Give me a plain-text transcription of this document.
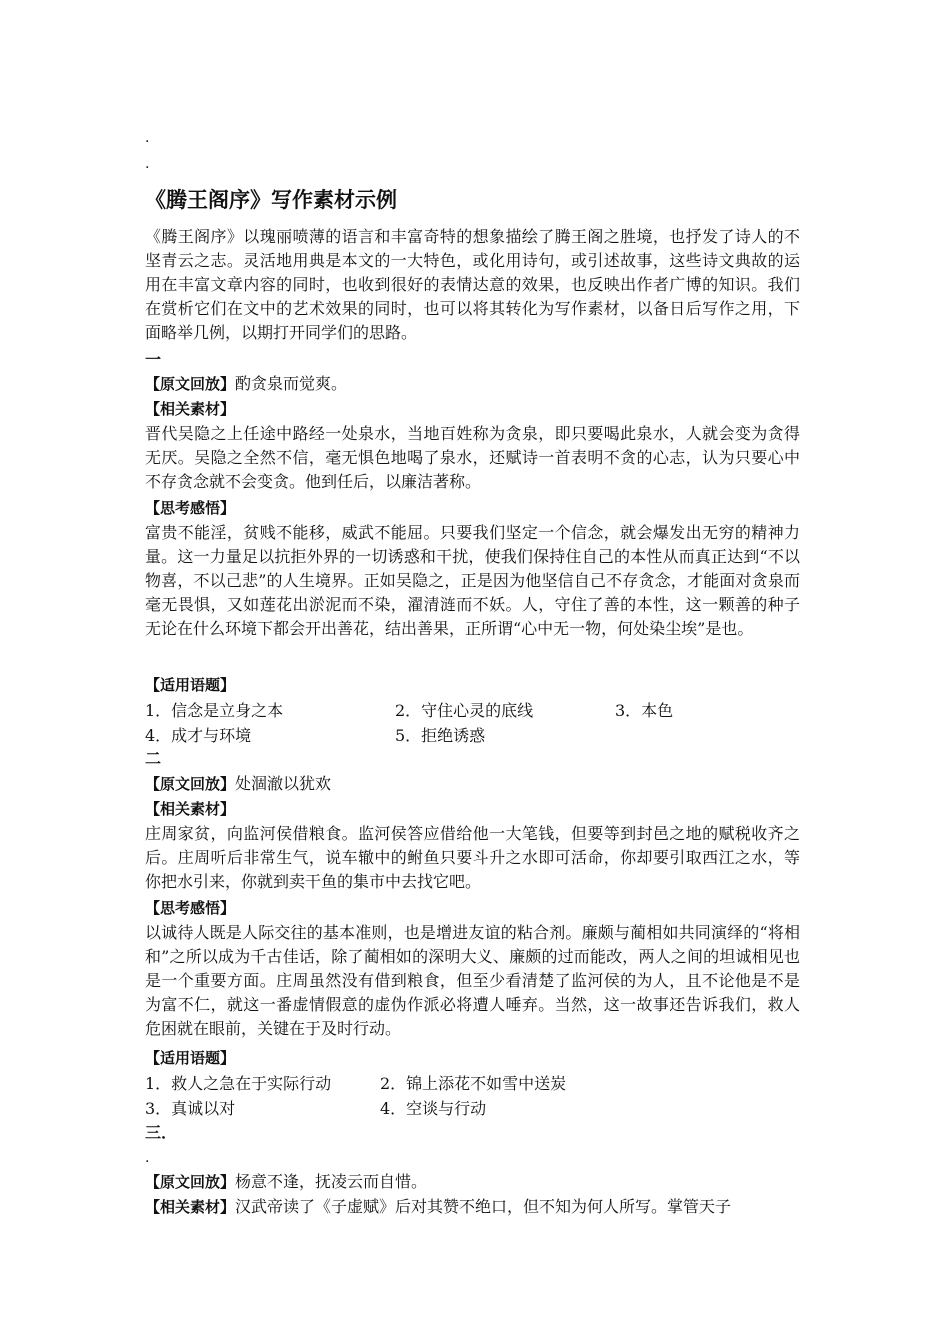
.
.
《腾王阁序》写作素材示例
《腾王阁序》以瑰丽喷薄的语言和丰富奇特的想象描绘了腾王阁之胜境，也抒发了诗人的不坚青云之志。灵活地用典是本文的一大特色，或化用诗句，或引述故事，这些诗文典故的运用在丰富文章内容的同时，也收到很好的表情达意的效果，也反映出作者广博的知识。我们在赏析它们在文中的艺术效果的同时，也可以将其转化为写作素材，以备日后写作之用，下面略举几例，以期打开同学们的思路。
一
【原文回放】酌贪泉而觉爽。
【相关素材】
晋代吴隐之上任途中路经一处泉水，当地百姓称为贪泉，即只要喝此泉水，人就会变为贪得无厌。吴隐之全然不信，毫无惧色地喝了泉水，还赋诗一首表明不贪的心志，认为只要心中不存贪念就不会变贪。他到任后，以廉洁著称。
【思考感悟】
富贵不能淫，贫贱不能移，威武不能屈。只要我们坚定一个信念，就会爆发出无穷的精神力量。这一力量足以抗拒外界的一切诱惑和干扰，使我们保持住自己的本性从而真正达到“不以物喜，不以己悲”的人生境界。正如吴隐之，正是因为他坚信自己不存贪念，才能面对贪泉而毫无畏惧，又如莲花出淤泥而不染，濯清涟而不妖。人，守住了善的本性，这一颗善的种子无论在什么环境下都会开出善花，结出善果，正所谓“心中无一物，何处染尘埃”是也。
【适用语题】
1．信念是立身之本	2．守住心灵的底线	3．本色
4．成才与环境	5．拒绝诱惑
二
【原文回放】处涸澈以犹欢
【相关素材】
庄周家贫，向监河侯借粮食。监河侯答应借给他一大笔钱，但要等到封邑之地的赋税收齐之后。庄周听后非常生气，说车辙中的鲋鱼只要斗升之水即可活命，你却要引取西江之水，等你把水引来，你就到卖干鱼的集市中去找它吧。
【思考感悟】
以诚待人既是人际交往的基本准则，也是增进友谊的粘合剂。廉颇与蔺相如共同演绎的“将相和”之所以成为千古佳话，除了蔺相如的深明大义、廉颇的过而能改，两人之间的坦诚相见也是一个重要方面。庄周虽然没有借到粮食，但至少看清楚了监河侯的为人，且不论他是不是为富不仁，就这一番虚情假意的虚伪作派必将遭人唾弃。当然，这一故事还告诉我们，救人危困就在眼前，关键在于及时行动。
【适用语题】
1．救人之急在于实际行动	2．锦上添花不如雪中送炭
3．真诚以对	4．空谈与行动
三．
.
【原文回放】杨意不逢，抚凌云而自惜。
【相关素材】汉武帝读了《子虚赋》后对其赞不绝口，但不知为何人所写。掌管天子
